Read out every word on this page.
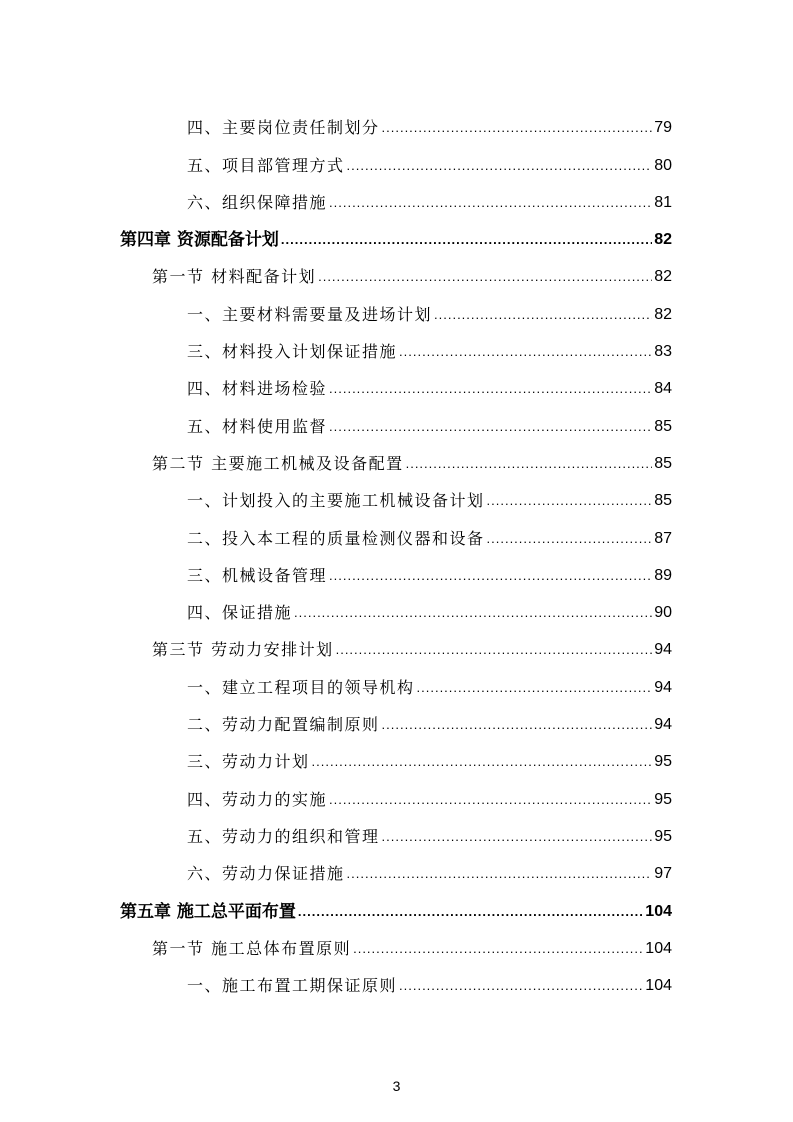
四、主要岗位责任制划分 .....	79
五、项目部管理方式 .....	80
六、组织保障措施 .....	81
第四章 资源配备计划 .....	82
第一节 材料配备计划 .....	82
一、主要材料需要量及进场计划 .....	82
三、材料投入计划保证措施 .....	83
四、材料进场检验 .....	84
五、材料使用监督 .....	85
第二节 主要施工机械及设备配置 .....	85
一、计划投入的主要施工机械设备计划 .....	85
二、投入本工程的质量检测仪器和设备 .....	87
三、机械设备管理 .....	89
四、保证措施 .....	90
第三节 劳动力安排计划 .....	94
一、建立工程项目的领导机构 .....	94
二、劳动力配置编制原则 .....	94
三、劳动力计划 .....	95
四、劳动力的实施 .....	95
五、劳动力的组织和管理 .....	95
六、劳动力保证措施 .....	97
第五章 施工总平面布置 .....	104
第一节 施工总体布置原则 .....	104
一、施工布置工期保证原则 .....	104
3
